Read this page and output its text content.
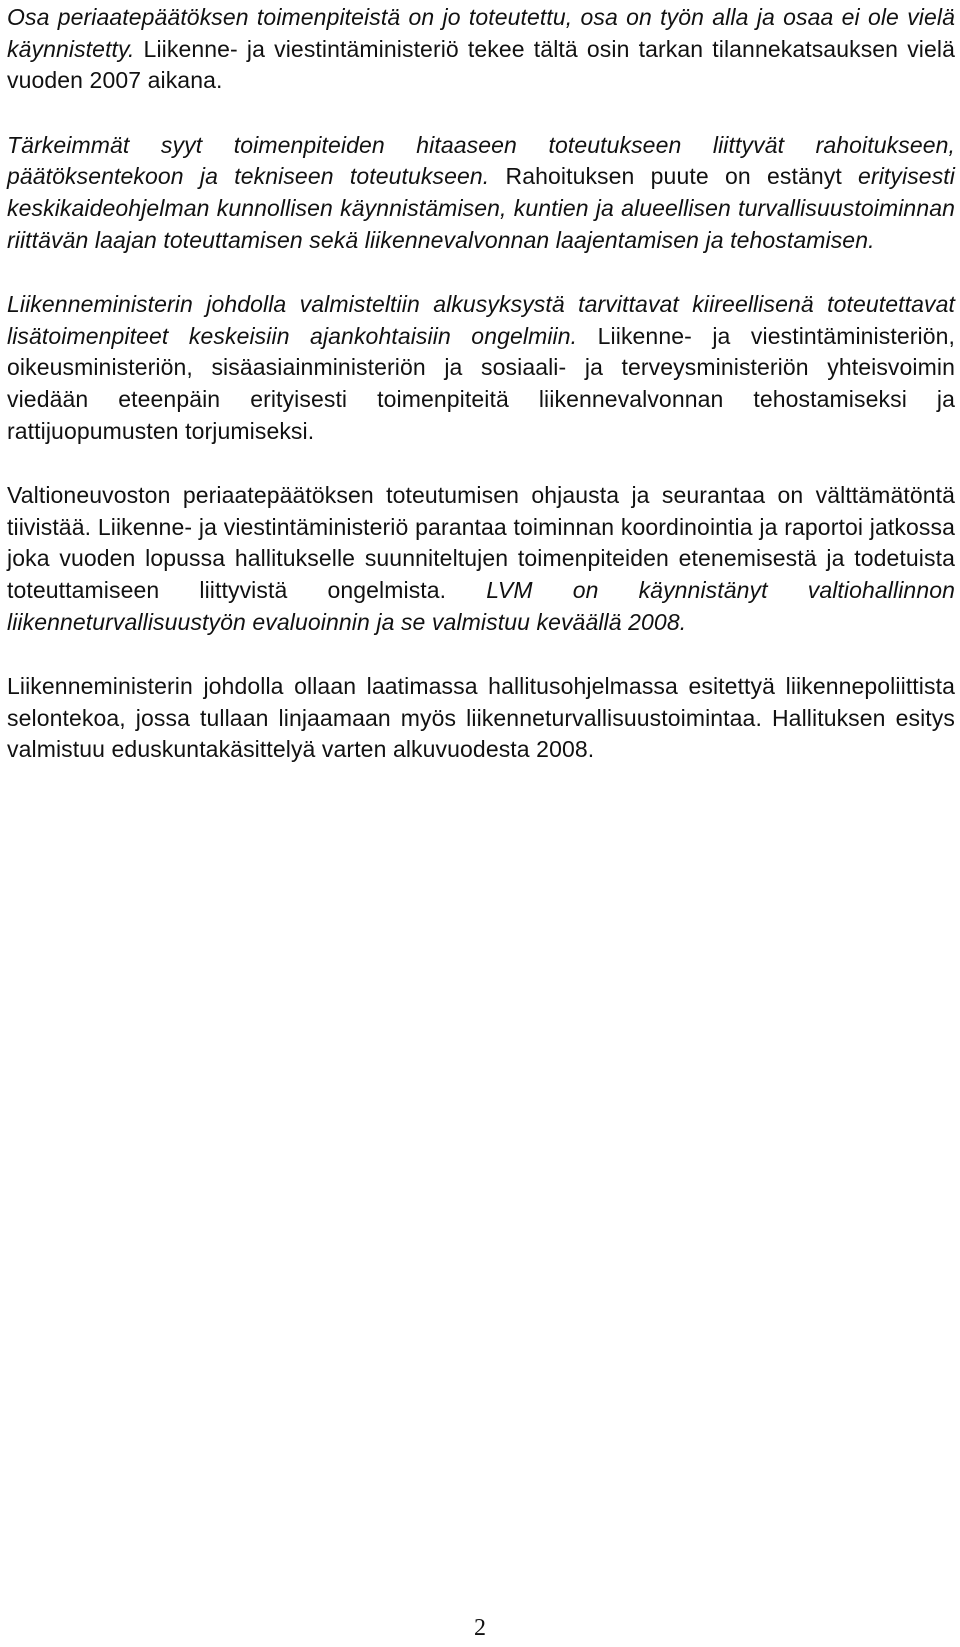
Osa periaatepäätöksen toimenpiteistä on jo toteutettu, osa on työn alla ja osaa ei ole vielä käynnistetty. Liikenne- ja viestintäministeriö tekee tältä osin tarkan tilannekatsauksen vielä vuoden 2007 aikana.

Tärkeimmät syyt toimenpiteiden hitaaseen toteutukseen liittyvät rahoitukseen, päätöksentekoon ja tekniseen toteutukseen. Rahoituksen puute on estänyt erityisesti keskikaideohjelman kunnollisen käynnistämisen, kuntien ja alueellisen turvallisuustoiminnan riittävän laajan toteuttamisen sekä liikennevalvonnan laajentamisen ja tehostamisen.

Liikenneministerin johdolla valmisteltiin alkusyksystä tarvittavat kiireellisenä toteutettavat lisätoimenpiteet keskeisiin ajankohtaisiin ongelmiin. Liikenne- ja viestintäministeriön, oikeusministeriön, sisäasiainministeriön ja sosiaali- ja terveysministeriön yhteisvoimin viedään eteenpäin erityisesti toimenpiteitä liikennevalvonnan tehostamiseksi ja rattijuopumusten torjumiseksi.

Valtioneuvoston periaatepäätöksen toteutumisen ohjausta ja seurantaa on välttämätöntä tiivistää. Liikenne- ja viestintäministeriö parantaa toiminnan koordinointia ja raportoi jatkossa joka vuoden lopussa hallitukselle suunniteltujen toimenpiteiden etenemisestä ja todetuista toteuttamiseen liittyvistä ongelmista. LVM on käynnistänyt valtiohallinnon liikenneturvallisuustyön evaluoinnin ja se valmistuu keväällä 2008.

Liikenneministerin johdolla ollaan laatimassa hallitusohjelmassa esitettyä liikennepoliittista selontekoa, jossa tullaan linjaamaan myös liikenneturvallisuustoimintaa. Hallituksen esitys valmistuu eduskuntakäsittelyä varten alkuvuodesta 2008.

2
